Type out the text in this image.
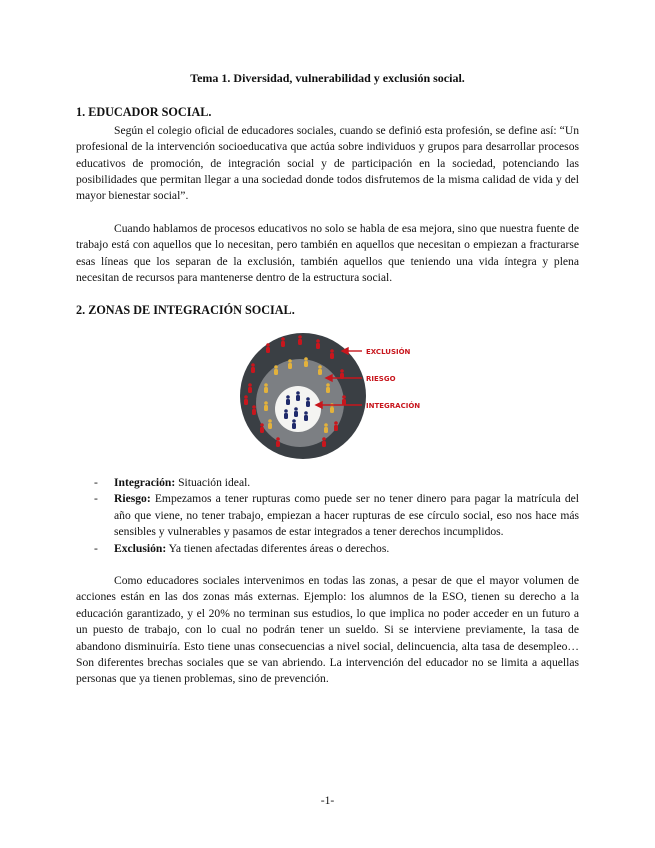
Tema 1. Diversidad, vulnerabilidad y exclusión social.
1. EDUCADOR SOCIAL.

Según el colegio oficial de educadores sociales, cuando se definió esta profesión, se define así: “Un profesional de la intervención socioeducativa que actúa sobre individuos y grupos para desarrollar procesos educativos de promoción, de integración social y de participación en la sociedad, potenciando las posibilidades que permitan llegar a una sociedad donde todos disfrutemos de la misma calidad de vida y del mayor bienestar social”.

Cuando hablamos de procesos educativos no solo se habla de esa mejora, sino que nuestra fuente de trabajo está con aquellos que lo necesitan, pero también en aquellos que necesitan o empiezan a fracturarse esas líneas que los separan de la exclusión, también aquellos que teniendo una vida íntegra y plena necesitan de recursos para mantenerse dentro de la estructura social.

2. ZONAS DE INTEGRACIÓN SOCIAL.
EXCLUSIÓN
RIESGO
INTEGRACIÓN
- Integración: Situación ideal.
- Riesgo: Empezamos a tener rupturas como puede ser no tener dinero para pagar la matrícula del año que viene, no tener trabajo, empiezan a hacer rupturas de ese círculo social, eso nos hace más sensibles y vulnerables y pasamos de estar integrados a tener derechos incumplidos.
- Exclusión: Ya tienen afectadas diferentes áreas o derechos.

Como educadores sociales intervenimos en todas las zonas, a pesar de que el mayor volumen de acciones están en las dos zonas más externas. Ejemplo: los alumnos de la ESO, tienen su derecho a la educación garantizado, y el 20% no terminan sus estudios, lo que implica no poder acceder en un futuro a un puesto de trabajo, con lo cual no podrán tener un sueldo. Si se interviene previamente, la tasa de abandono disminuiría. Esto tiene unas consecuencias a nivel social, delincuencia, alta tasa de desempleo… Son diferentes brechas sociales que se van abriendo. La intervención del educador no se limita a aquellas personas que ya tienen problemas, sino de prevención.

-1-
